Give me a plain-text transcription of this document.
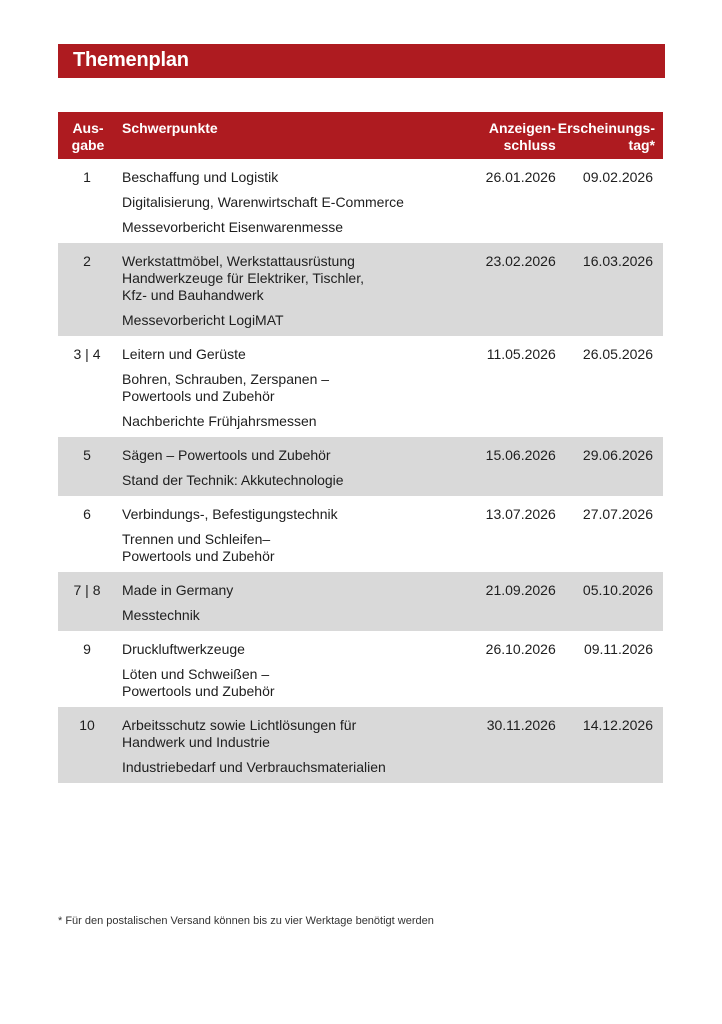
Themenplan
Aus-
gabe	Schwerpunkte	Anzeigen-
schluss	Erscheinungs-
tag*
1	Beschaffung und Logistik
Digitalisierung, Warenwirtschaft E-Commerce
Messevorbericht Eisenwarenmesse	26.01.2026	09.02.2026
2	Werkstattmöbel, Werkstattausrüstung
Handwerkzeuge für Elektriker, Tischler,
Kfz- und Bauhandwerk
Messevorbericht LogiMAT	23.02.2026	16.03.2026
3 | 4	Leitern und Gerüste
Bohren, Schrauben, Zerspanen –
Powertools und Zubehör
Nachberichte Frühjahrsmessen	11.05.2026	26.05.2026
5	Sägen – Powertools und Zubehör
Stand der Technik: Akkutechnologie	15.06.2026	29.06.2026
6	Verbindungs-, Befestigungstechnik
Trennen und Schleifen–
Powertools und Zubehör	13.07.2026	27.07.2026
7 | 8	Made in Germany
Messtechnik	21.09.2026	05.10.2026
9	Druckluftwerkzeuge
Löten und Schweißen –
Powertools und Zubehör	26.10.2026	09.11.2026
10	Arbeitsschutz sowie Lichtlösungen für
Handwerk und Industrie
Industriebedarf und Verbrauchsmaterialien	30.11.2026	14.12.2026
* Für den postalischen Versand können bis zu vier Werktage benötigt werden
